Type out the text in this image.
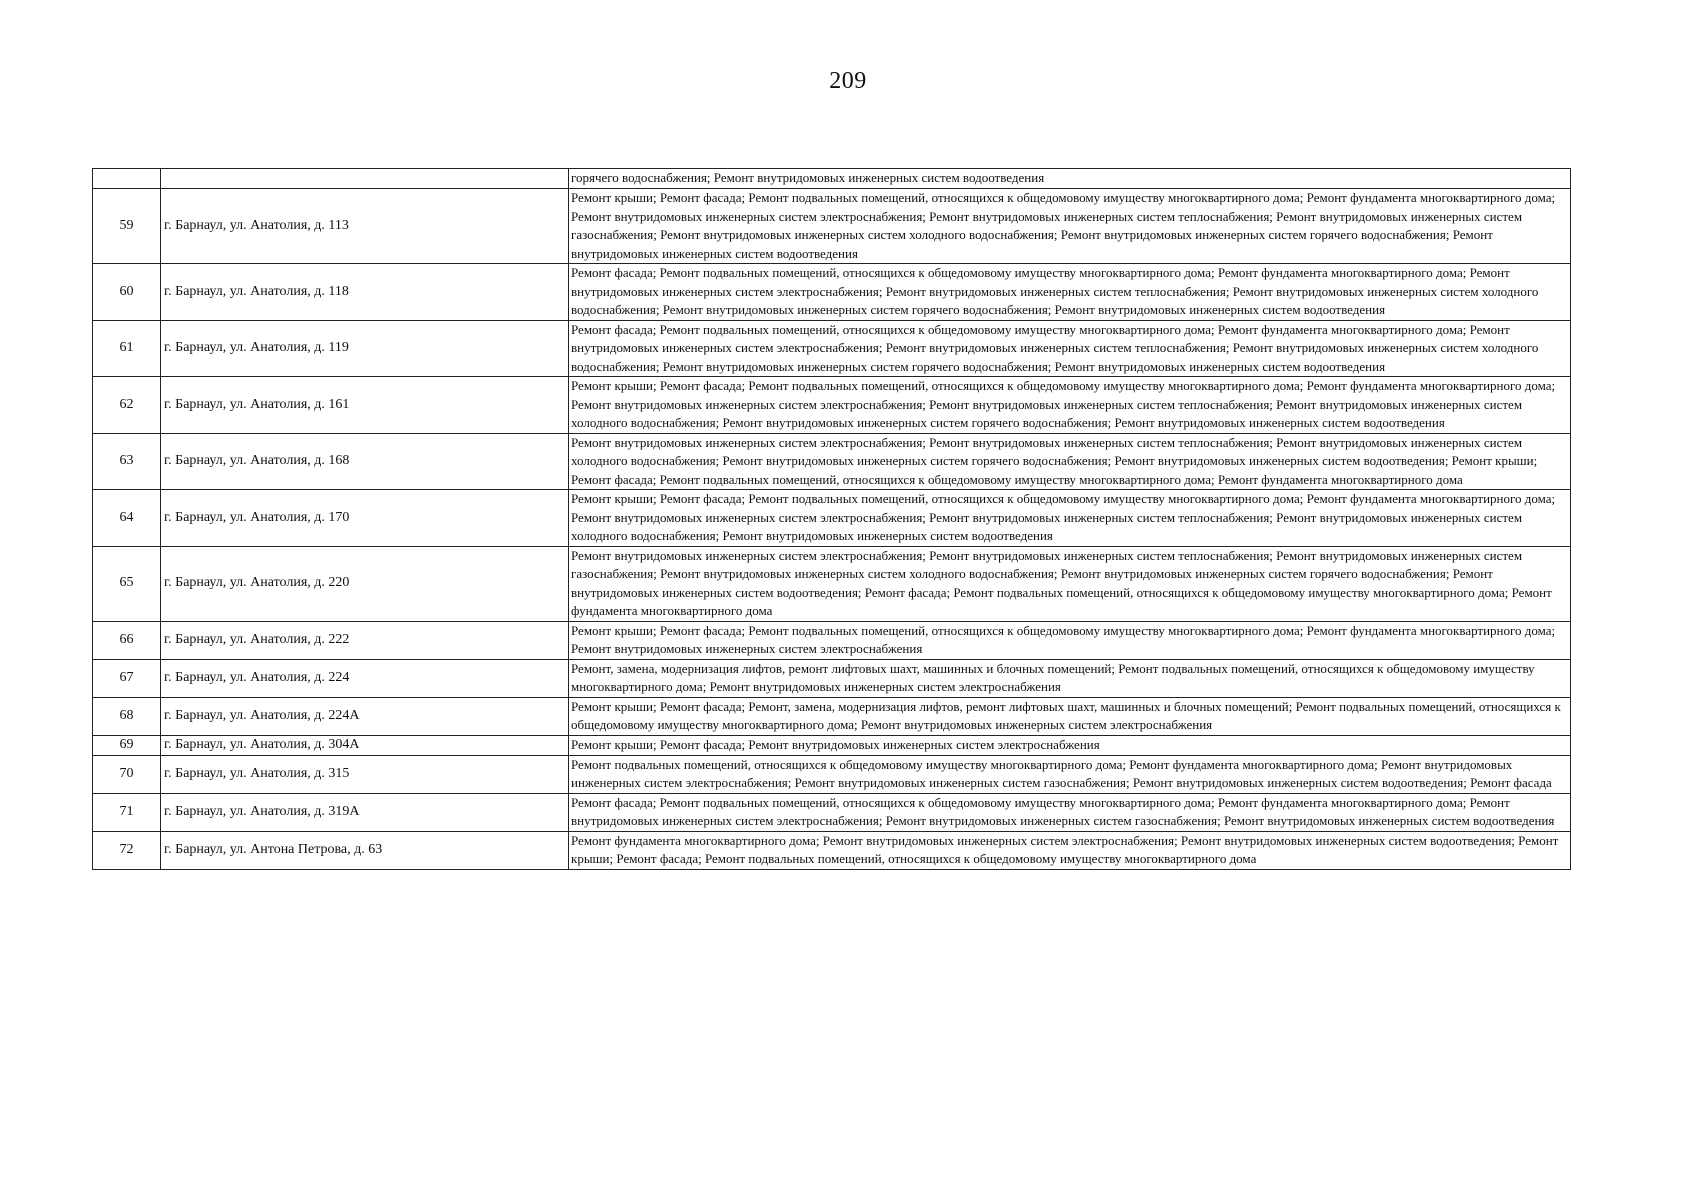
209
		горячего водоснабжения; Ремонт внутридомовых инженерных систем водоотведения
59	г. Барнаул, ул. Анатолия, д. 113	Ремонт крыши; Ремонт фасада; Ремонт подвальных помещений, относящихся к общедомовому имуществу многоквартирного дома; Ремонт фундамента многоквартирного дома; Ремонт внутридомовых инженерных систем электроснабжения; Ремонт внутридомовых инженерных систем теплоснабжения; Ремонт внутридомовых инженерных систем газоснабжения; Ремонт внутридомовых инженерных систем холодного водоснабжения; Ремонт внутридомовых инженерных систем горячего водоснабжения; Ремонт внутридомовых инженерных систем водоотведения
60	г. Барнаул, ул. Анатолия, д. 118	Ремонт фасада; Ремонт подвальных помещений, относящихся к общедомовому имуществу многоквартирного дома; Ремонт фундамента многоквартирного дома; Ремонт внутридомовых инженерных систем электроснабжения; Ремонт внутридомовых инженерных систем теплоснабжения; Ремонт внутридомовых инженерных систем холодного водоснабжения; Ремонт внутридомовых инженерных систем горячего водоснабжения; Ремонт внутридомовых инженерных систем водоотведения
61	г. Барнаул, ул. Анатолия, д. 119	Ремонт фасада; Ремонт подвальных помещений, относящихся к общедомовому имуществу многоквартирного дома; Ремонт фундамента многоквартирного дома; Ремонт внутридомовых инженерных систем электроснабжения; Ремонт внутридомовых инженерных систем теплоснабжения; Ремонт внутридомовых инженерных систем холодного водоснабжения; Ремонт внутридомовых инженерных систем горячего водоснабжения; Ремонт внутридомовых инженерных систем водоотведения
62	г. Барнаул, ул. Анатолия, д. 161	Ремонт крыши; Ремонт фасада; Ремонт подвальных помещений, относящихся к общедомовому имуществу многоквартирного дома; Ремонт фундамента многоквартирного дома; Ремонт внутридомовых инженерных систем электроснабжения; Ремонт внутридомовых инженерных систем теплоснабжения; Ремонт внутридомовых инженерных систем холодного водоснабжения; Ремонт внутридомовых инженерных систем горячего водоснабжения; Ремонт внутридомовых инженерных систем водоотведения
63	г. Барнаул, ул. Анатолия, д. 168	Ремонт внутридомовых инженерных систем электроснабжения; Ремонт внутридомовых инженерных систем теплоснабжения; Ремонт внутридомовых инженерных систем холодного водоснабжения; Ремонт внутридомовых инженерных систем горячего водоснабжения; Ремонт внутридомовых инженерных систем водоотведения; Ремонт крыши; Ремонт фасада; Ремонт подвальных помещений, относящихся к общедомовому имуществу многоквартирного дома; Ремонт фундамента многоквартирного дома
64	г. Барнаул, ул. Анатолия, д. 170	Ремонт крыши; Ремонт фасада; Ремонт подвальных помещений, относящихся к общедомовому имуществу многоквартирного дома; Ремонт фундамента многоквартирного дома; Ремонт внутридомовых инженерных систем электроснабжения; Ремонт внутридомовых инженерных систем теплоснабжения; Ремонт внутридомовых инженерных систем холодного водоснабжения; Ремонт внутридомовых инженерных систем водоотведения
65	г. Барнаул, ул. Анатолия, д. 220	Ремонт внутридомовых инженерных систем электроснабжения; Ремонт внутридомовых инженерных систем теплоснабжения; Ремонт внутридомовых инженерных систем газоснабжения; Ремонт внутридомовых инженерных систем холодного водоснабжения; Ремонт внутридомовых инженерных систем горячего водоснабжения; Ремонт внутридомовых инженерных систем водоотведения; Ремонт фасада; Ремонт подвальных помещений, относящихся к общедомовому имуществу многоквартирного дома; Ремонт фундамента многоквартирного дома
66	г. Барнаул, ул. Анатолия, д. 222	Ремонт крыши; Ремонт фасада; Ремонт подвальных помещений, относящихся к общедомовому имуществу многоквартирного дома; Ремонт фундамента многоквартирного дома; Ремонт внутридомовых инженерных систем электроснабжения
67	г. Барнаул, ул. Анатолия, д. 224	Ремонт, замена, модернизация лифтов, ремонт лифтовых шахт, машинных и блочных помещений; Ремонт подвальных помещений, относящихся к общедомовому имуществу многоквартирного дома; Ремонт внутридомовых инженерных систем электроснабжения
68	г. Барнаул, ул. Анатолия, д. 224А	Ремонт крыши; Ремонт фасада; Ремонт, замена, модернизация лифтов, ремонт лифтовых шахт, машинных и блочных помещений; Ремонт подвальных помещений, относящихся к общедомовому имуществу многоквартирного дома; Ремонт внутридомовых инженерных систем электроснабжения
69	г. Барнаул, ул. Анатолия, д. 304А	Ремонт крыши; Ремонт фасада; Ремонт внутридомовых инженерных систем электроснабжения
70	г. Барнаул, ул. Анатолия, д. 315	Ремонт подвальных помещений, относящихся к общедомовому имуществу многоквартирного дома; Ремонт фундамента многоквартирного дома; Ремонт внутридомовых инженерных систем электроснабжения; Ремонт внутридомовых инженерных систем газоснабжения; Ремонт внутридомовых инженерных систем водоотведения; Ремонт фасада
71	г. Барнаул, ул. Анатолия, д. 319А	Ремонт фасада; Ремонт подвальных помещений, относящихся к общедомовому имуществу многоквартирного дома; Ремонт фундамента многоквартирного дома; Ремонт внутридомовых инженерных систем электроснабжения; Ремонт внутридомовых инженерных систем газоснабжения; Ремонт внутридомовых инженерных систем водоотведения
72	г. Барнаул, ул. Антона Петрова, д. 63	Ремонт фундамента многоквартирного дома; Ремонт внутридомовых инженерных систем электроснабжения; Ремонт внутридомовых инженерных систем водоотведения; Ремонт крыши; Ремонт фасада; Ремонт подвальных помещений, относящихся к общедомовому имуществу многоквартирного дома
